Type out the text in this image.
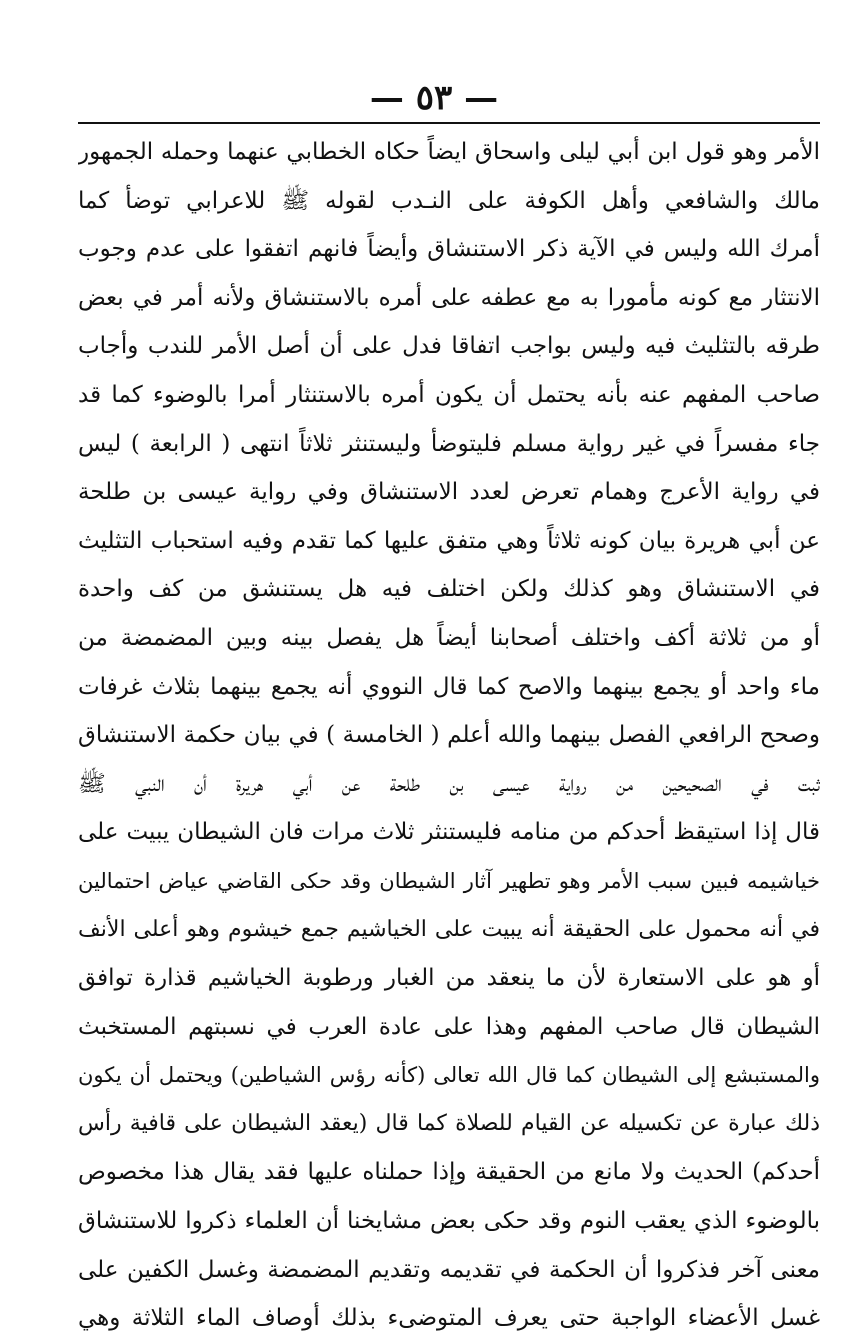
— ٥٣ —
الأمر وهو قول ابن أبي ليلى واسحاق ايضاً حكاه الخطابي عنهما وحمله الجمهور
مالك والشافعي وأهل الكوفة على النـدب لقوله ﷺ للاعرابي توضأ كما
أمرك الله وليس في الآية ذكر الاستنشاق وأيضاً فانهم اتفقوا على عدم وجوب
الانتثار مع كونه مأمورا به مع عطفه على أمره بالاستنشاق ولأنه أمر في بعض
طرقه بالتثليث فيه وليس بواجب اتفاقا فدل على أن أصل الأمر للندب وأجاب
صاحب المفهم عنه بأنه يحتمل أن يكون أمره بالاستنثار أمرا بالوضوء كما قد
جاء مفسراً في غير رواية مسلم فليتوضأ وليستنثر ثلاثاً انتهى ( الرابعة ) ليس
في رواية الأعرج وهمام تعرض لعدد الاستنشاق وفي رواية عيسى بن طلحة
عن أبي هريرة بيان كونه ثلاثاً وهي متفق عليها كما تقدم وفيه استحباب التثليث
في الاستنشاق وهو كذلك ولكن اختلف فيه هل يستنشق من كف واحدة
أو من ثلاثة أكف واختلف أصحابنا أيضاً هل يفصل بينه وبين المضمضة من
ماء واحد أو يجمع بينهما والاصح كما قال النووي أنه يجمع بينهما بثلاث غرفات
وصحح الرافعي الفصل بينهما والله أعلم ( الخامسة ) في بيان حكمة الاستنشاق
ثبت في الصحيحين من رواية عيسى بن طلحة عن أبي هريرة أن النبي ﷺ
قال إذا استيقظ أحدكم من منامه فليستنثر ثلاث مرات فان الشيطان يبيت على
خياشيمه فبين سبب الأمر وهو تطهير آثار الشيطان وقد حكى القاضي عياض احتمالين
في أنه محمول على الحقيقة أنه يبيت على الخياشيم جمع خيشوم وهو أعلى الأنف
أو هو على الاستعارة لأن ما ينعقد من الغبار ورطوبة الخياشيم قذارة توافق
الشيطان قال صاحب المفهم وهذا على عادة العرب في نسبتهم المستخبث
والمستبشع إلى الشيطان كما قال الله تعالى (كأنه رؤس الشياطين) ويحتمل أن يكون
ذلك عبارة عن تكسيله عن القيام للصلاة كما قال (يعقد الشيطان على قافية رأس
أحدكم) الحديث ولا مانع من الحقيقة وإذا حملناه عليها فقد يقال هذا مخصوص
بالوضوء الذي يعقب النوم وقد حكى بعض مشايخنا أن العلماء ذكروا للاستنشاق
معنى آخر فذكروا أن الحكمة في تقديمه وتقديم المضمضة وغسل الكفين على
غسل الأعضاء الواجبة حتى يعرف المتوضىء بذلك أوصاف الماء الثلاثة وهي
